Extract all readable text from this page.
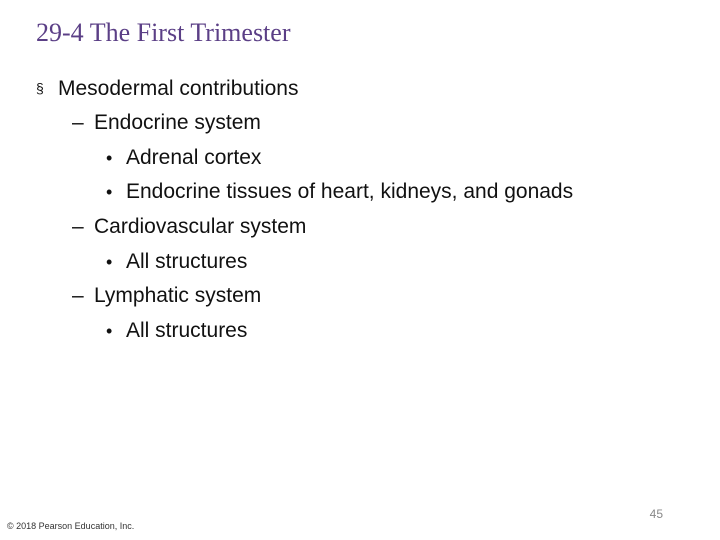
29-4 The First Trimester
§ Mesodermal contributions
– Endocrine system
• Adrenal cortex
• Endocrine tissues of heart, kidneys, and gonads
– Cardiovascular system
• All structures
– Lymphatic system
• All structures
45
© 2018 Pearson Education, Inc.
